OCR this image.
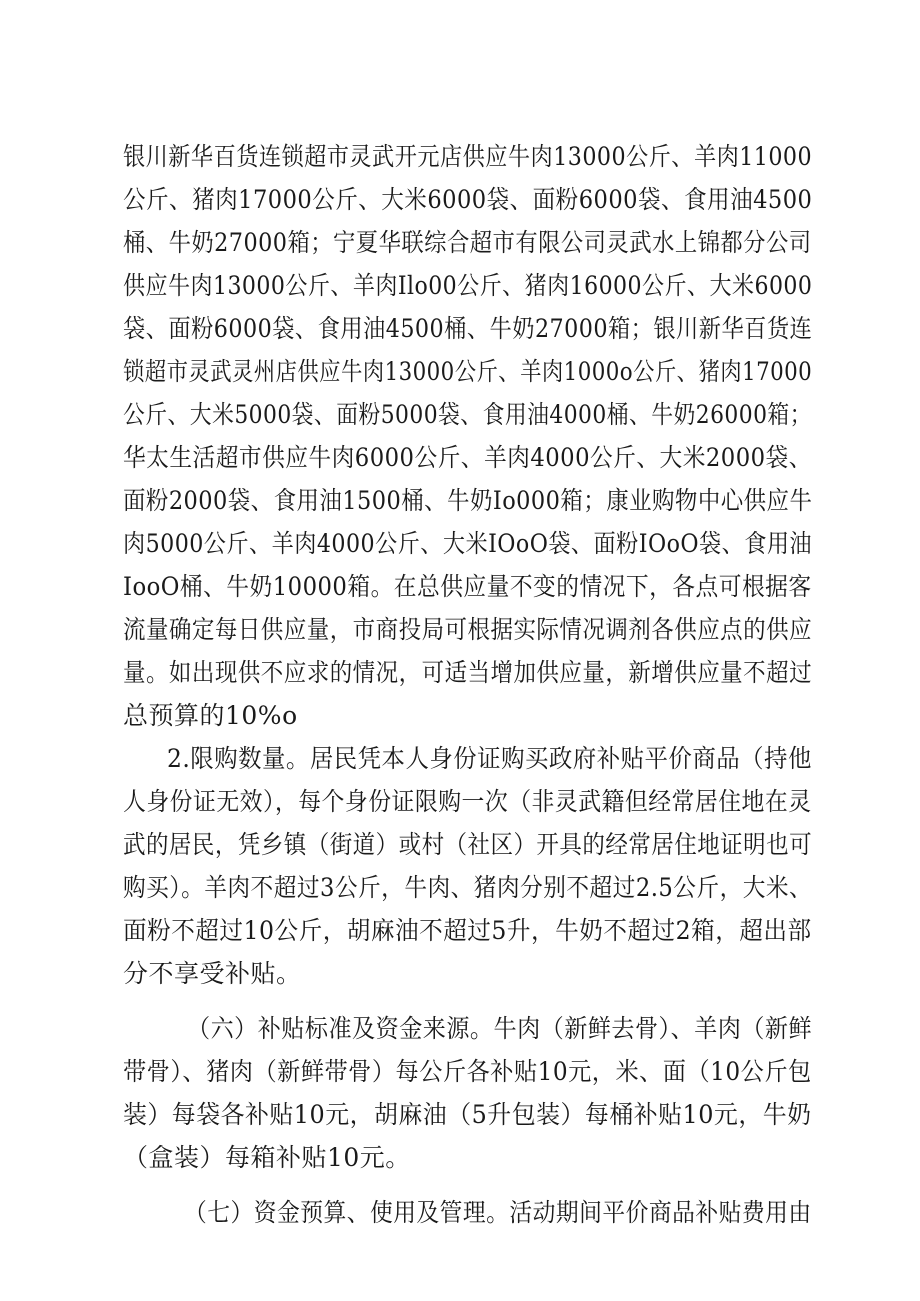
银川新华百货连锁超市灵武开元店供应牛肉13000公斤、羊肉11000
公斤、猪肉17000公斤、大米6000袋、面粉6000袋、食用油4500
桶、牛奶27000箱；宁夏华联综合超市有限公司灵武水上锦都分公司
供应牛肉13000公斤、羊肉Ilo00公斤、猪肉16000公斤、大米6000
袋、面粉6000袋、食用油4500桶、牛奶27000箱；银川新华百货连
锁超市灵武灵州店供应牛肉13000公斤、羊肉1000o公斤、猪肉17000
公斤、大米5000袋、面粉5000袋、食用油4000桶、牛奶26000箱；
华太生活超市供应牛肉6000公斤、羊肉4000公斤、大米2000袋、
面粉2000袋、食用油1500桶、牛奶Io000箱；康业购物中心供应牛
肉5000公斤、羊肉4000公斤、大米IOoO袋、面粉IOoO袋、食用油
IooO桶、牛奶10000箱。在总供应量不变的情况下，各点可根据客
流量确定每日供应量，市商投局可根据实际情况调剂各供应点的供应
量。如出现供不应求的情况，可适当增加供应量，新增供应量不超过
总预算的10%o
2.限购数量。居民凭本人身份证购买政府补贴平价商品（持他
人身份证无效），每个身份证限购一次（非灵武籍但经常居住地在灵
武的居民，凭乡镇（街道）或村（社区）开具的经常居住地证明也可
购买）。羊肉不超过3公斤，牛肉、猪肉分别不超过2.5公斤，大米、
面粉不超过10公斤，胡麻油不超过5升，牛奶不超过2箱，超出部
分不享受补贴。
（六）补贴标准及资金来源。牛肉（新鲜去骨）、羊肉（新鲜
带骨）、猪肉（新鲜带骨）每公斤各补贴10元，米、面（10公斤包
装）每袋各补贴10元，胡麻油（5升包装）每桶补贴10元，牛奶
（盒装）每箱补贴10元。
（七）资金预算、使用及管理。活动期间平价商品补贴费用由
